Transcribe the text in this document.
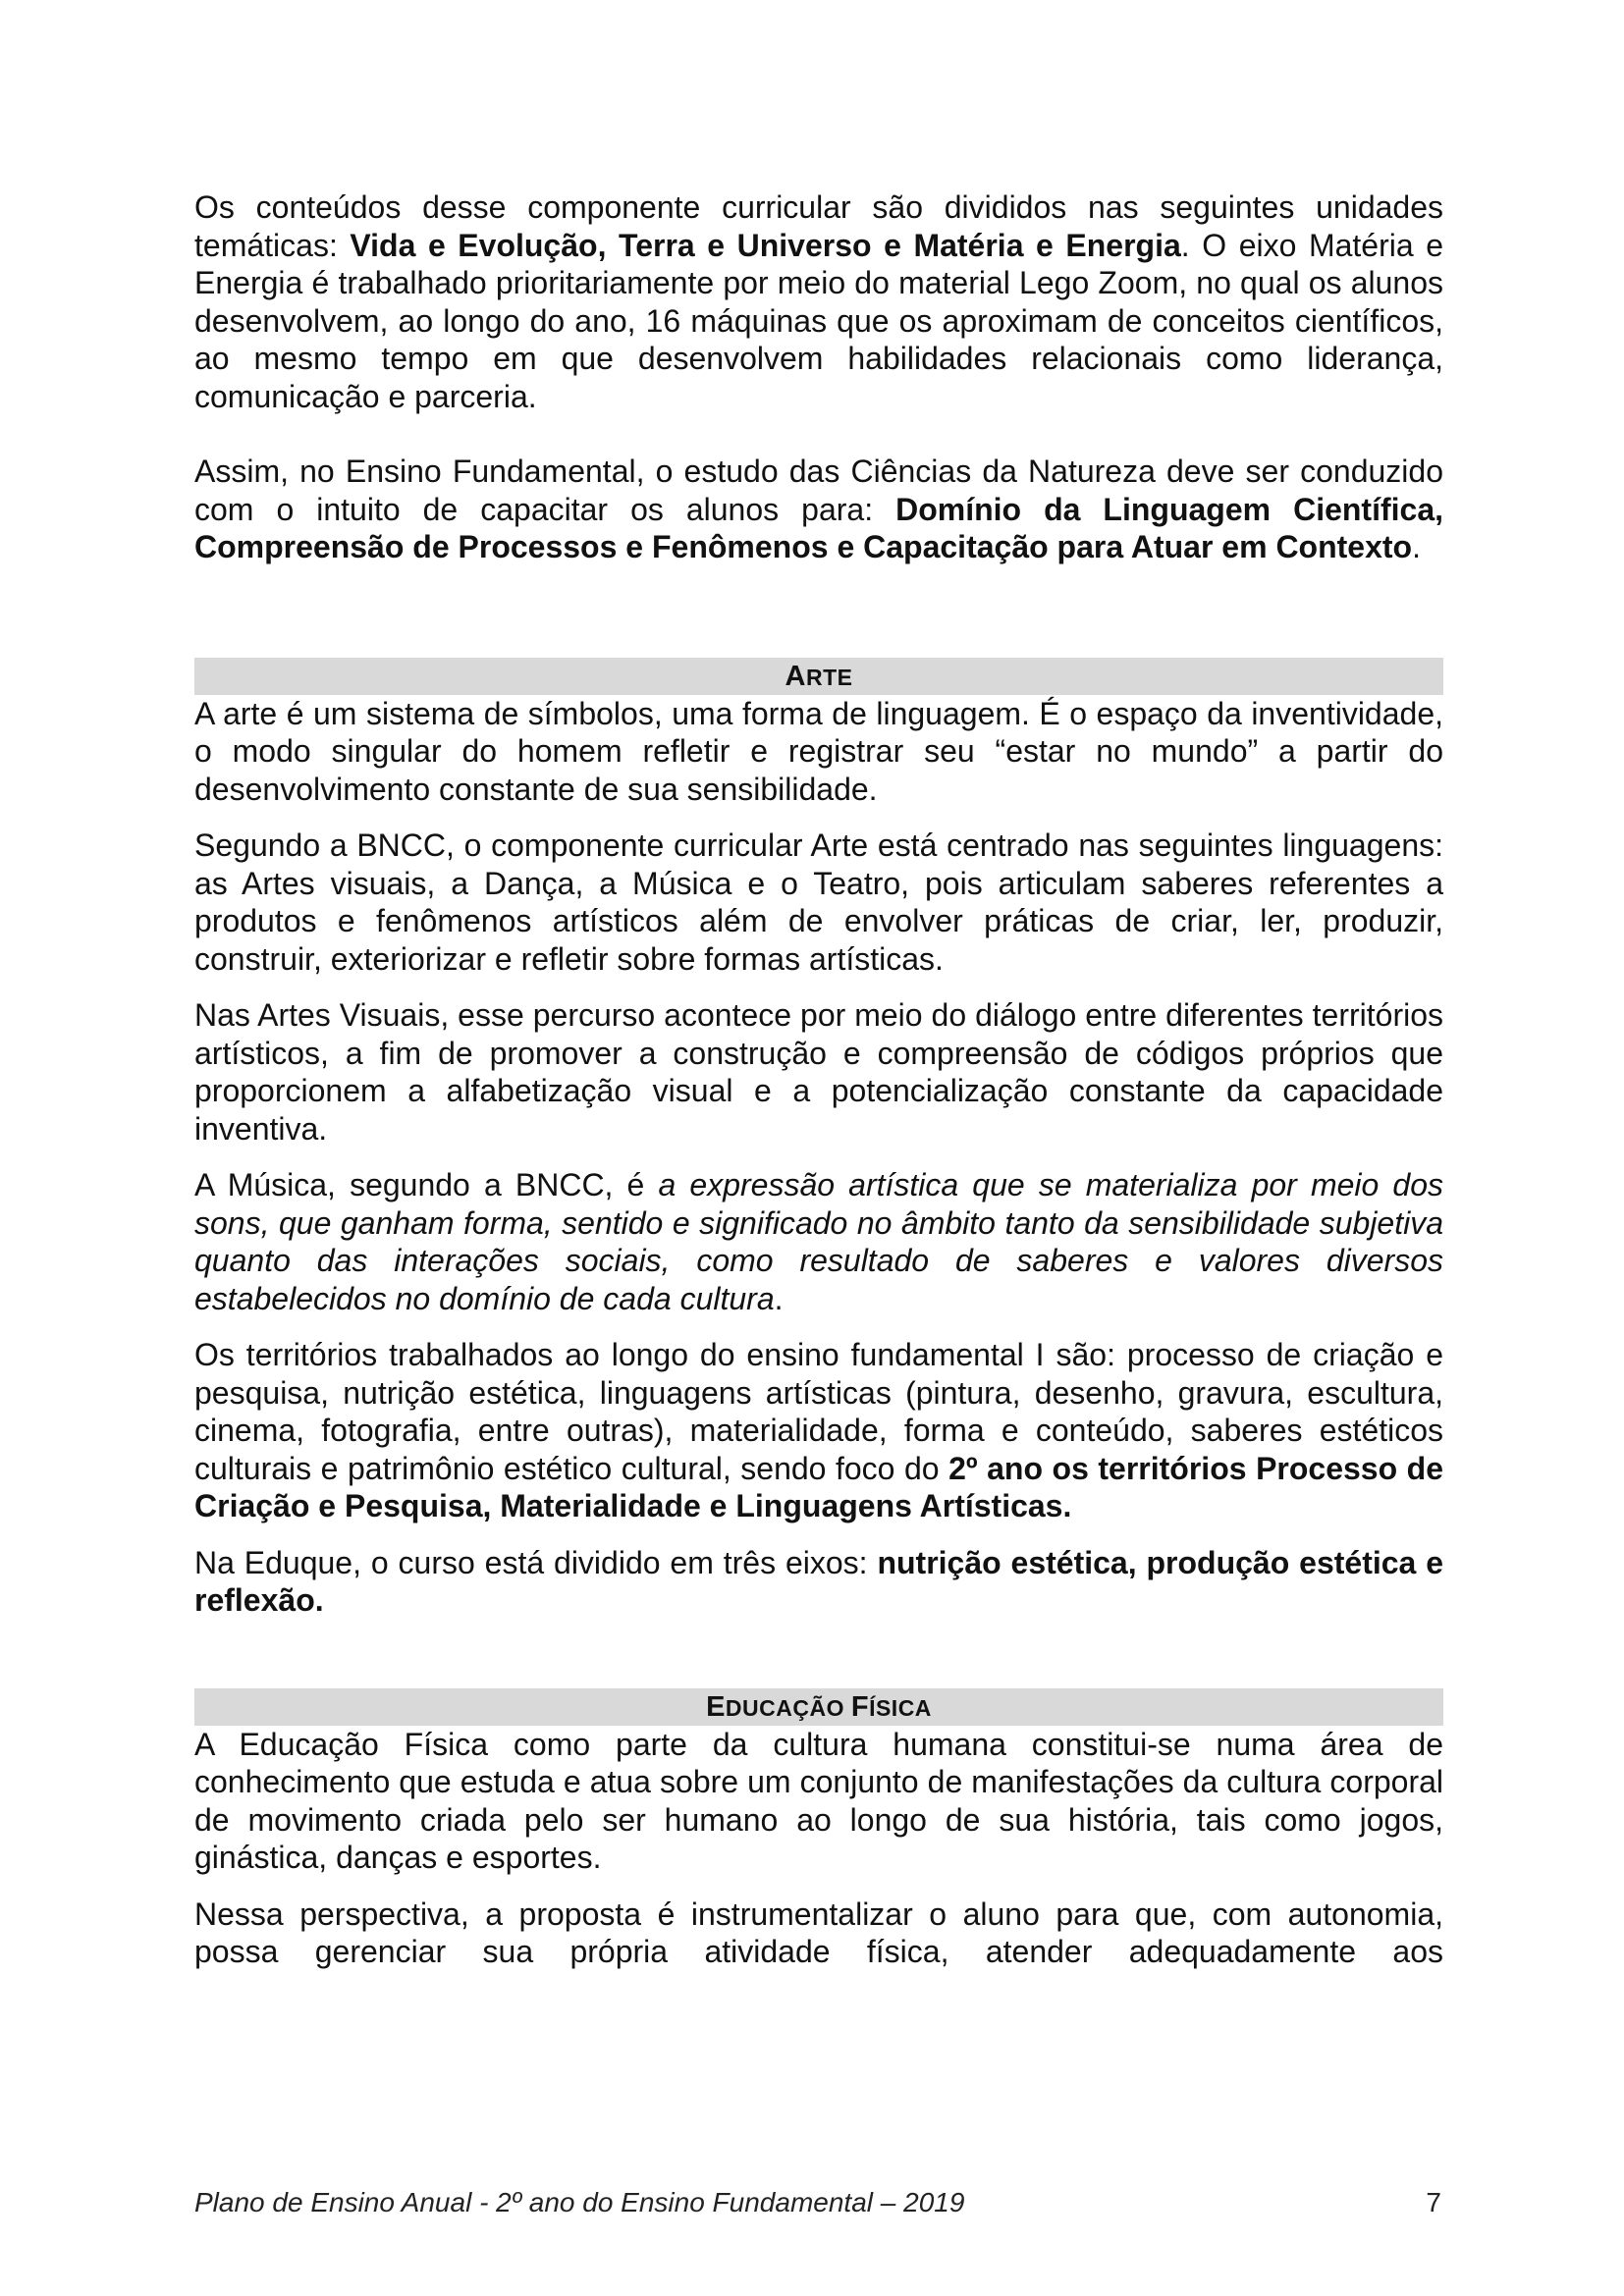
Os conteúdos desse componente curricular são divididos nas seguintes unidades temáticas: Vida e Evolução, Terra e Universo e Matéria e Energia. O eixo Matéria e Energia é trabalhado prioritariamente por meio do material Lego Zoom, no qual os alunos desenvolvem, ao longo do ano, 16 máquinas que os aproximam de conceitos científicos, ao mesmo tempo em que desenvolvem habilidades relacionais como liderança, comunicação e parceria.

Assim, no Ensino Fundamental, o estudo das Ciências da Natureza deve ser conduzido com o intuito de capacitar os alunos para: Domínio da Linguagem Científica, Compreensão de Processos e Fenômenos e Capacitação para Atuar em Contexto.

ARTE

A arte é um sistema de símbolos, uma forma de linguagem. É o espaço da inventividade, o modo singular do homem refletir e registrar seu “estar no mundo” a partir do desenvolvimento constante de sua sensibilidade.

Segundo a BNCC, o componente curricular Arte está centrado nas seguintes linguagens: as Artes visuais, a Dança, a Música e o Teatro, pois articulam saberes referentes a produtos e fenômenos artísticos além de envolver práticas de criar, ler, produzir, construir, exteriorizar e refletir sobre formas artísticas.

Nas Artes Visuais, esse percurso acontece por meio do diálogo entre diferentes territórios artísticos, a fim de promover a construção e compreensão de códigos próprios que proporcionem a alfabetização visual e a potencialização constante da capacidade inventiva.

A Música, segundo a BNCC, é a expressão artística que se materializa por meio dos sons, que ganham forma, sentido e significado no âmbito tanto da sensibilidade subjetiva quanto das interações sociais, como resultado de saberes e valores diversos estabelecidos no domínio de cada cultura.

Os territórios trabalhados ao longo do ensino fundamental I são: processo de criação e pesquisa, nutrição estética, linguagens artísticas (pintura, desenho, gravura, escultura, cinema, fotografia, entre outras), materialidade, forma e conteúdo, saberes estéticos culturais e patrimônio estético cultural, sendo foco do 2º ano os territórios Processo de Criação e Pesquisa, Materialidade e Linguagens Artísticas.

Na Eduque, o curso está dividido em três eixos: nutrição estética, produção estética e reflexão.

EDUCAÇÃO FÍSICA

A Educação Física como parte da cultura humana constitui-se numa área de conhecimento que estuda e atua sobre um conjunto de manifestações da cultura corporal de movimento criada pelo ser humano ao longo de sua história, tais como jogos, ginástica, danças e esportes.

Nessa perspectiva, a proposta é instrumentalizar o aluno para que, com autonomia, possa gerenciar sua própria atividade física, atender adequadamente aos

Plano de Ensino Anual - 2º ano do Ensino Fundamental – 2019	7
